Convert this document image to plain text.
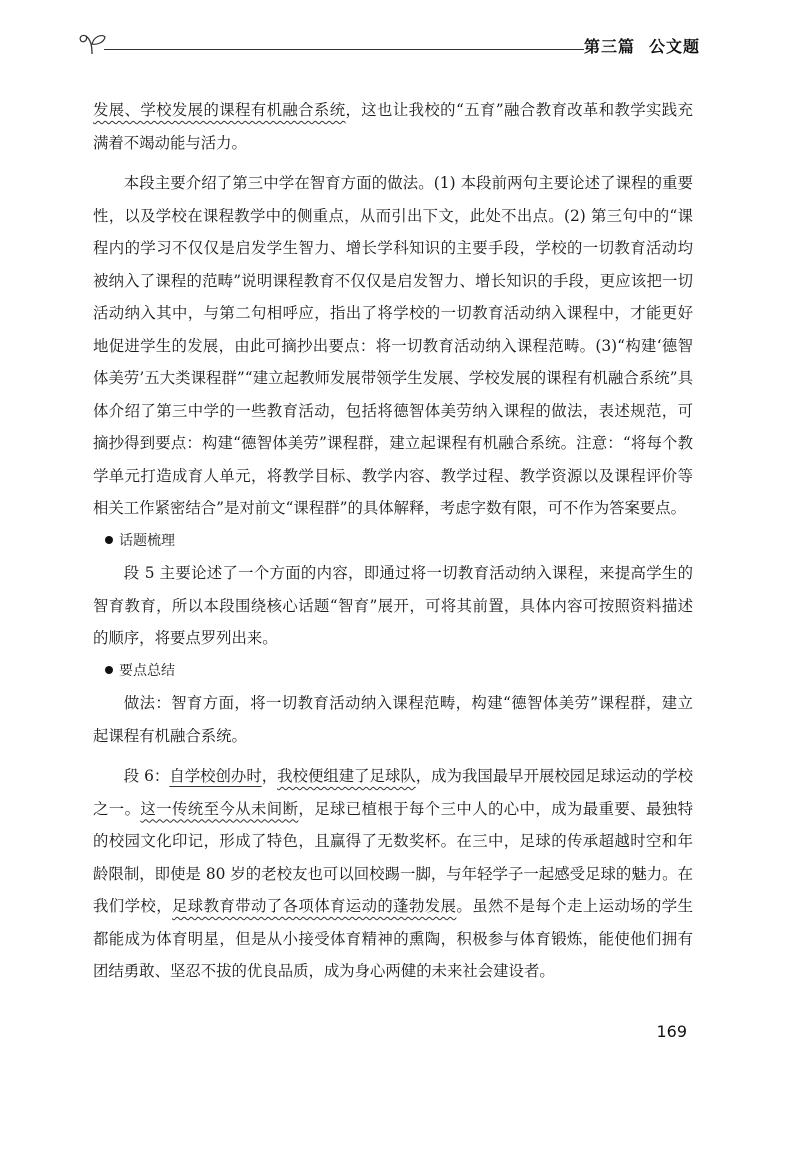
第三篇 公文题

发展、学校发展的课程有机融合系统，这也让我校的“五育”融合教育改革和教学实践充满着不竭动能与活力。

本段主要介绍了第三中学在智育方面的做法。(1) 本段前两句主要论述了课程的重要性，以及学校在课程教学中的侧重点，从而引出下文，此处不出点。(2) 第三句中的“课程内的学习不仅仅是启发学生智力、增长学科知识的主要手段，学校的一切教育活动均被纳入了课程的范畴”说明课程教育不仅仅是启发智力、增长知识的手段，更应该把一切活动纳入其中，与第二句相呼应，指出了将学校的一切教育活动纳入课程中，才能更好地促进学生的发展，由此可摘抄出要点：将一切教育活动纳入课程范畴。(3)“构建‘德智体美劳’五大类课程群”“建立起教师发展带领学生发展、学校发展的课程有机融合系统”具体介绍了第三中学的一些教育活动，包括将德智体美劳纳入课程的做法，表述规范，可摘抄得到要点：构建“德智体美劳”课程群，建立起课程有机融合系统。注意：“将每个教学单元打造成育人单元，将教学目标、教学内容、教学过程、教学资源以及课程评价等相关工作紧密结合”是对前文“课程群”的具体解释，考虑字数有限，可不作为答案要点。

话题梳理

段 5 主要论述了一个方面的内容，即通过将一切教育活动纳入课程，来提高学生的智育教育，所以本段围绕核心话题“智育”展开，可将其前置，具体内容可按照资料描述的顺序，将要点罗列出来。

要点总结

做法：智育方面，将一切教育活动纳入课程范畴，构建“德智体美劳”课程群，建立起课程有机融合系统。

段 6：自学校创办时，我校便组建了足球队，成为我国最早开展校园足球运动的学校之一。这一传统至今从未间断，足球已植根于每个三中人的心中，成为最重要、最独特的校园文化印记，形成了特色，且赢得了无数奖杯。在三中，足球的传承超越时空和年龄限制，即使是 80 岁的老校友也可以回校踢一脚，与年轻学子一起感受足球的魅力。在我们学校，足球教育带动了各项体育运动的蓬勃发展。虽然不是每个走上运动场的学生都能成为体育明星，但是从小接受体育精神的熏陶，积极参与体育锻炼，能使他们拥有团结勇敢、坚忍不拔的优良品质，成为身心两健的未来社会建设者。

169
